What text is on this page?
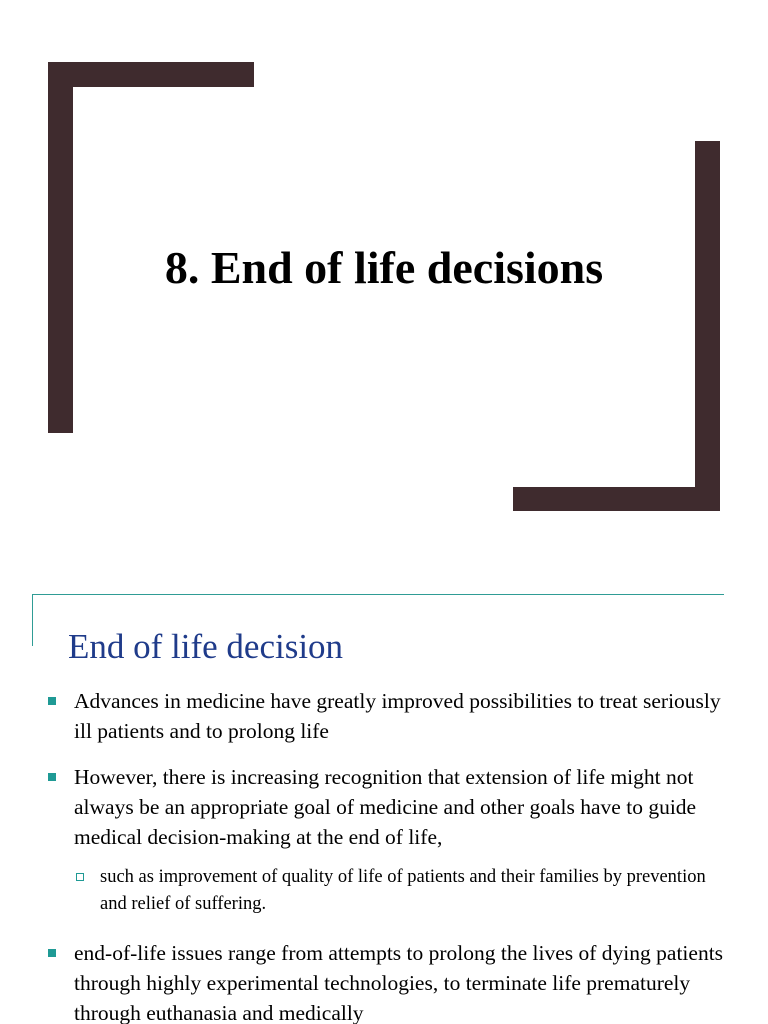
8. End of life decisions
End of life decision
Advances in medicine have greatly improved possibilities to treat seriously ill patients and to prolong life
However, there is increasing recognition that extension of life might not always be an appropriate goal of medicine and other goals have to guide medical decision-making at the end of life,
such as improvement of quality of life of patients and their families by prevention and relief of suffering.
end-of-life issues range from attempts to prolong the lives of dying patients through highly experimental technologies, to terminate life prematurely through euthanasia and medically
